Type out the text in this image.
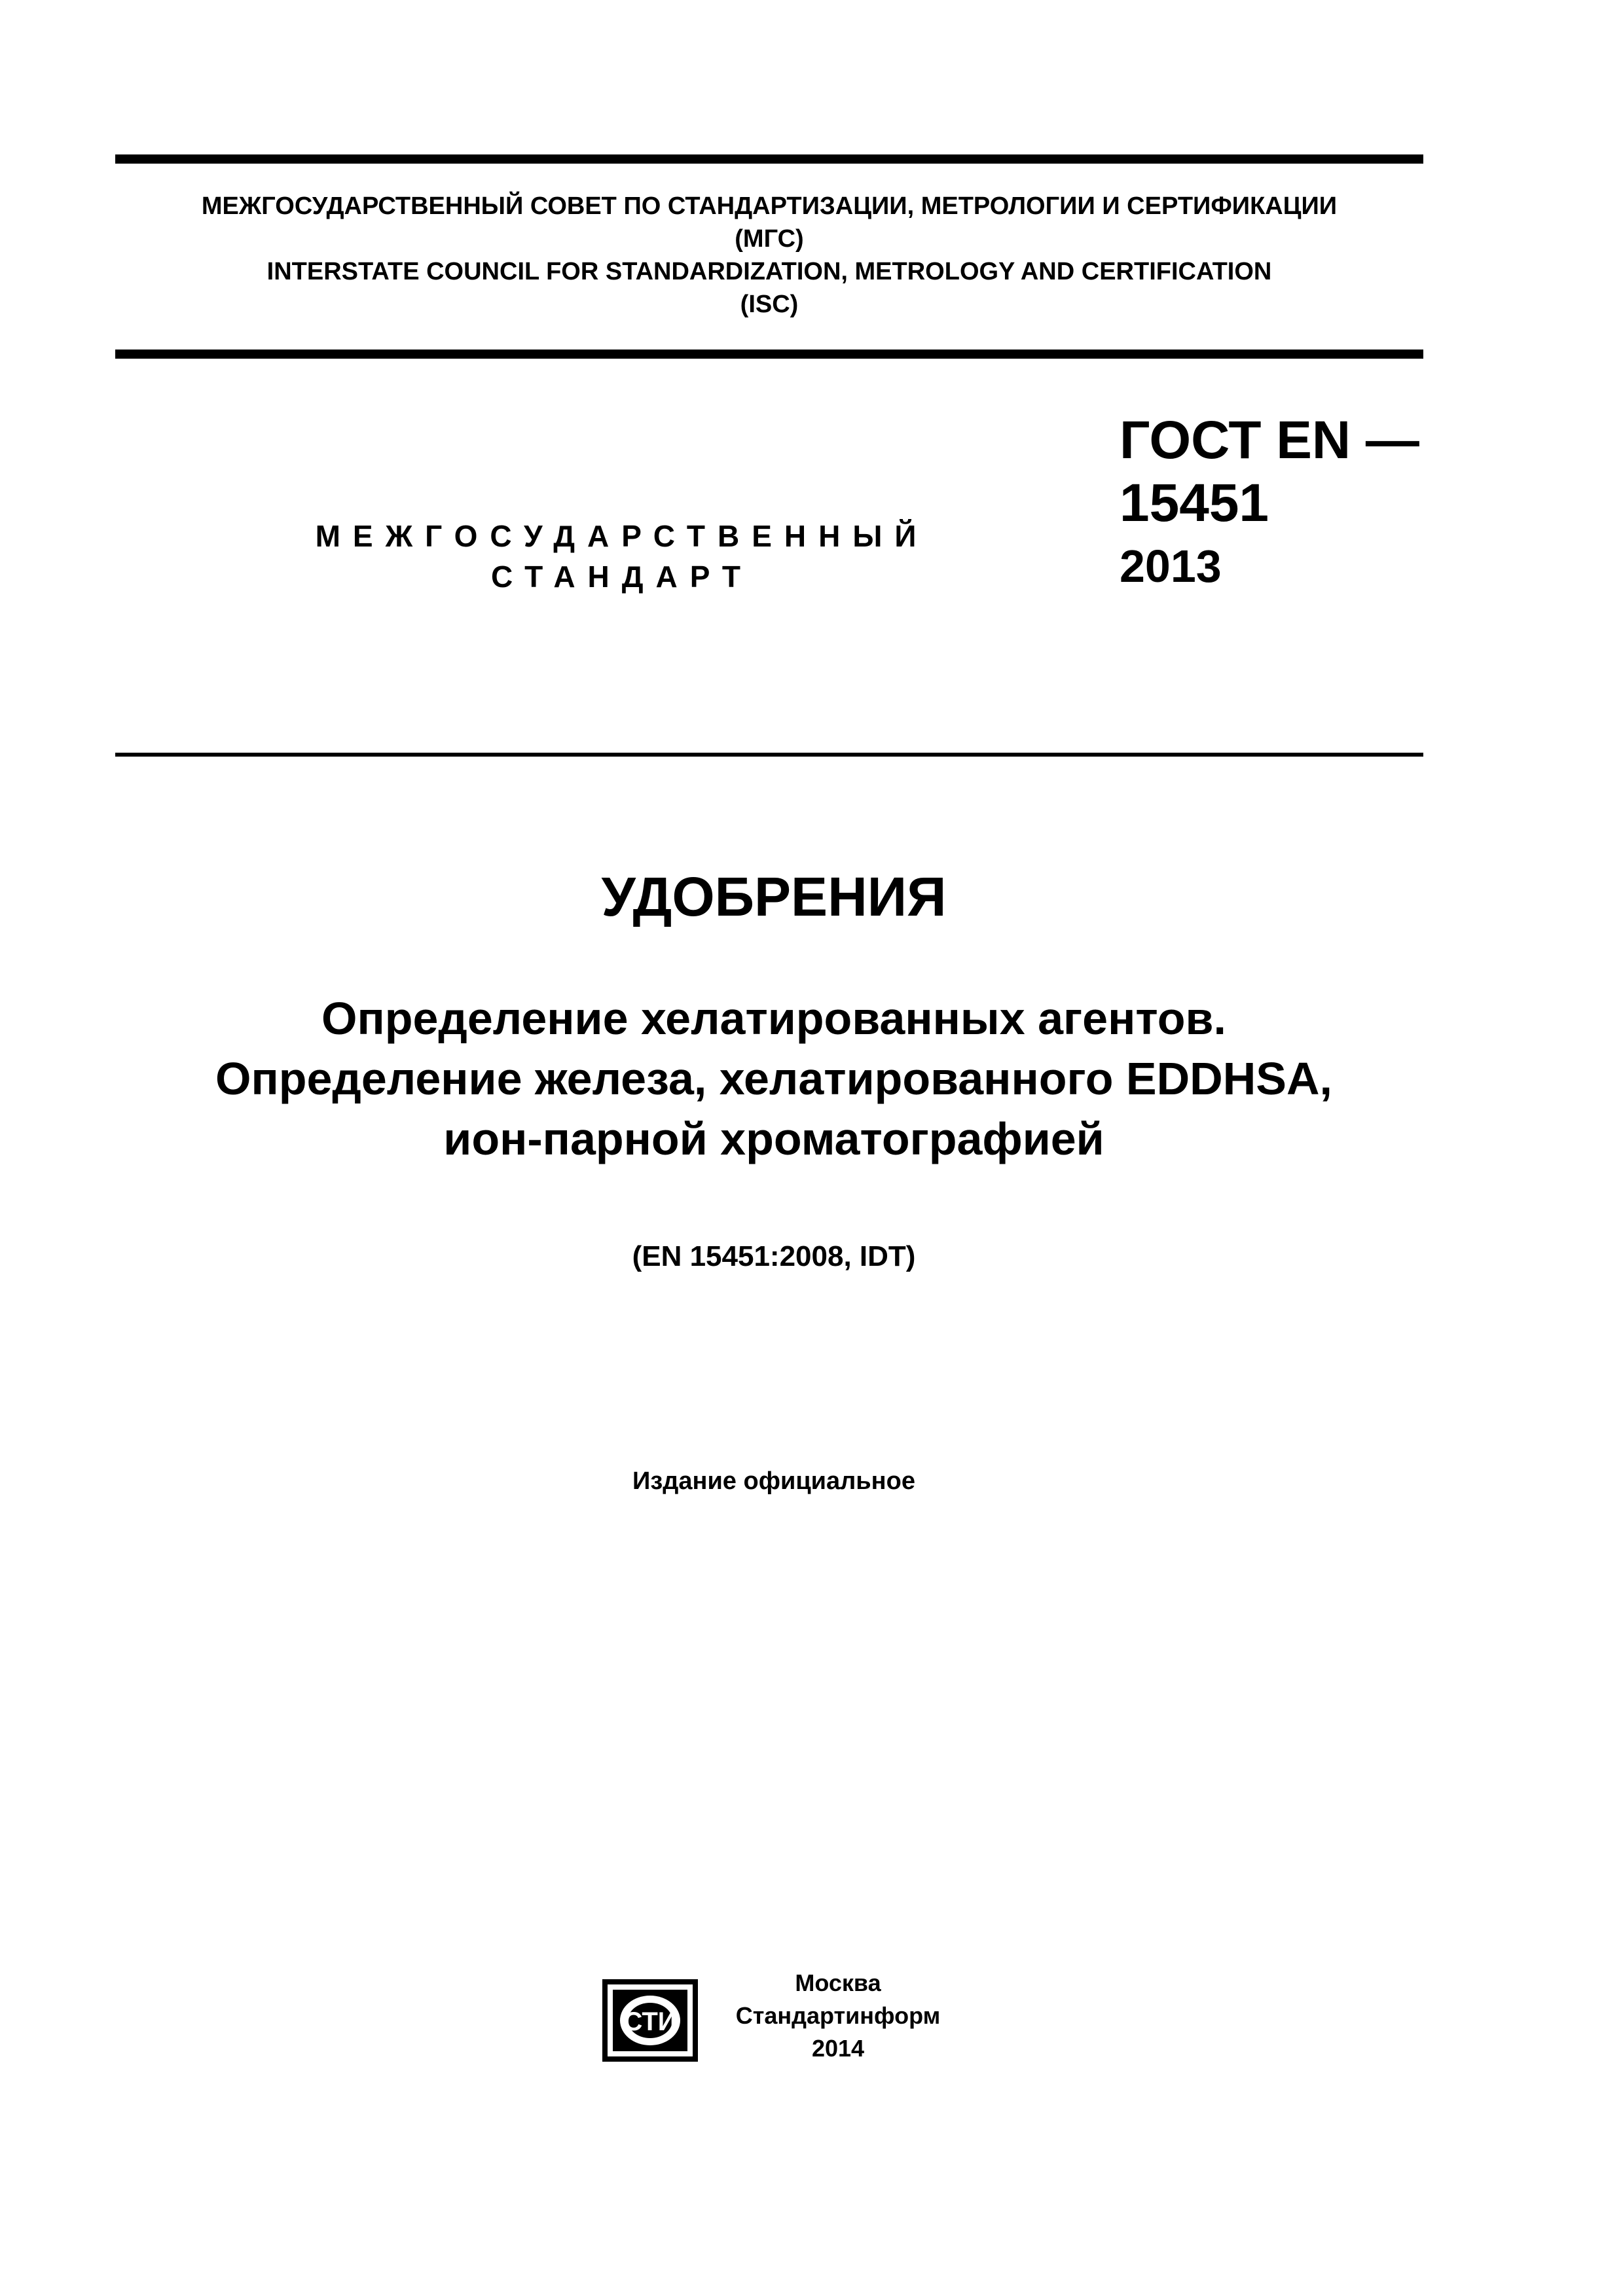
МЕЖГОСУДАРСТВЕННЫЙ СОВЕТ ПО СТАНДАРТИЗАЦИИ, МЕТРОЛОГИИ И СЕРТИФИКАЦИИ
(МГС)
INTERSTATE COUNCIL FOR STANDARDIZATION, METROLOGY AND CERTIFICATION
(ISC)
МЕЖГОСУДАРСТВЕННЫЙ
СТАНДАРТ
ГОСТ EN —
15451
2013
УДОБРЕНИЯ
Определение хелатированных агентов.
Определение железа, хелатированного EDDHSA,
ион-парной хроматографией
(EN 15451:2008, IDT)
Издание официальное
СТИ
Москва
Стандартинформ
2014
